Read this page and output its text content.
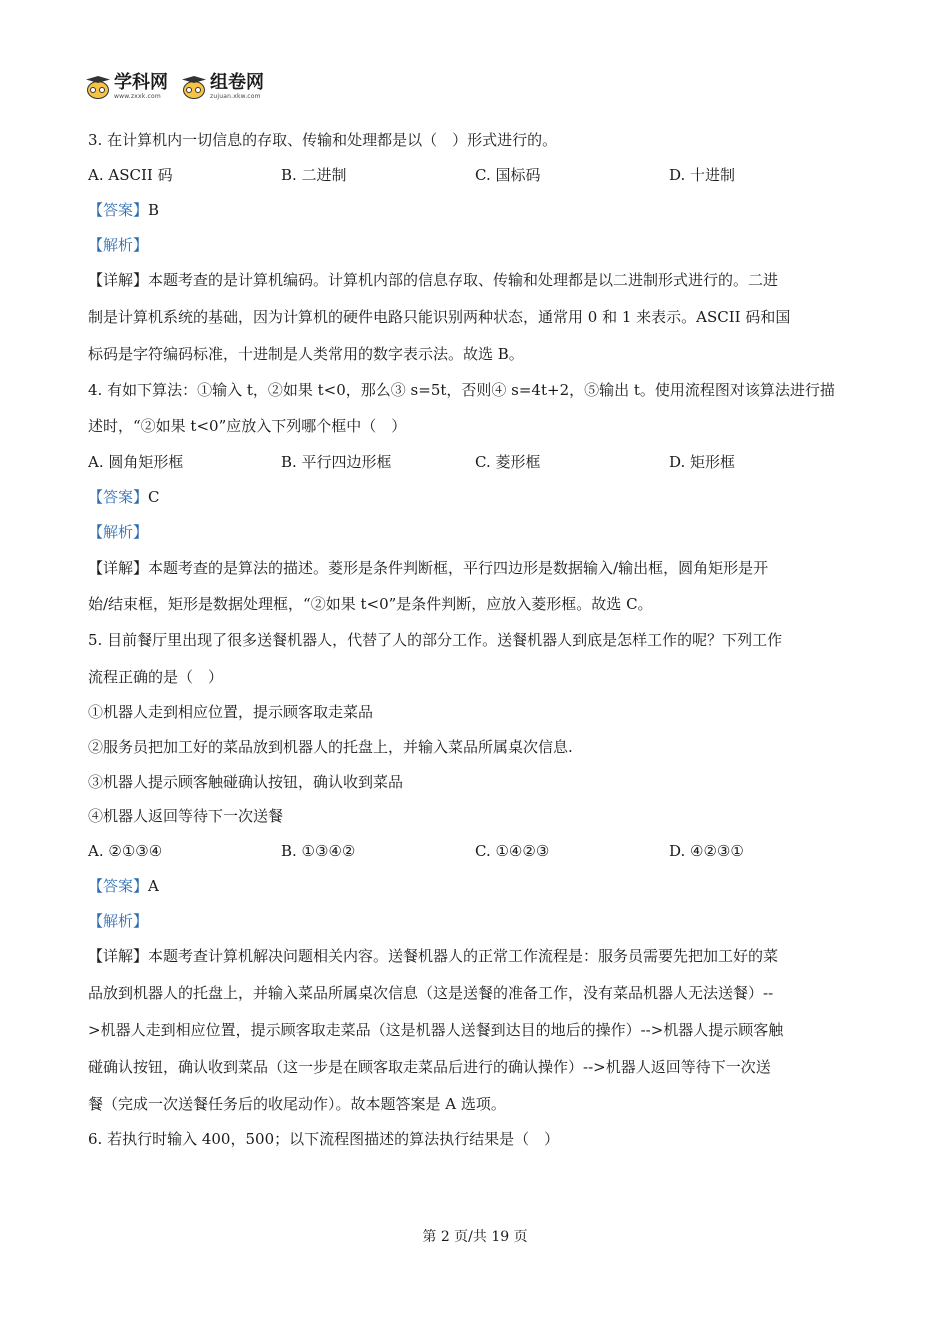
学科网
www.zxxk.com
组卷网
zujuan.xkw.com
3. 在计算机内一切信息的存取、传输和处理都是以（　）形式进行的。
A. ASCII 码	B. 二进制	C. 国标码	D. 十进制
【答案】B
【解析】
【详解】本题考查的是计算机编码。计算机内部的信息存取、传输和处理都是以二进制形式进行的。二进
制是计算机系统的基础，因为计算机的硬件电路只能识别两种状态，通常用 0 和 1 来表示。ASCII 码和国
标码是字符编码标准，十进制是人类常用的数字表示法。故选 B。
4. 有如下算法：①输入 t，②如果 t<0，那么③ s=5t，否则④ s=4t+2，⑤输出 t。使用流程图对该算法进行描
述时，“②如果 t<0”应放入下列哪个框中（　）
A. 圆角矩形框	B. 平行四边形框	C. 菱形框	D. 矩形框
【答案】C
【解析】
【详解】本题考查的是算法的描述。菱形是条件判断框，平行四边形是数据输入/输出框，圆角矩形是开
始/结束框，矩形是数据处理框，“②如果 t<0”是条件判断，应放入菱形框。故选 C。
5. 目前餐厅里出现了很多送餐机器人，代替了人的部分工作。送餐机器人到底是怎样工作的呢？下列工作
流程正确的是（　）
①机器人走到相应位置，提示顾客取走菜品
②服务员把加工好的菜品放到机器人的托盘上，并输入菜品所属桌次信息.
③机器人提示顾客触碰确认按钮，确认收到菜品
④机器人返回等待下一次送餐
A. ②①③④	B. ①③④②	C. ①④②③	D. ④②③①
【答案】A
【解析】
【详解】本题考查计算机解决问题相关内容。送餐机器人的正常工作流程是：服务员需要先把加工好的菜
品放到机器人的托盘上，并输入菜品所属桌次信息（这是送餐的准备工作，没有菜品机器人无法送餐）--
>机器人走到相应位置，提示顾客取走菜品（这是机器人送餐到达目的地后的操作）-->机器人提示顾客触
碰确认按钮，确认收到菜品（这一步是在顾客取走菜品后进行的确认操作）-->机器人返回等待下一次送
餐（完成一次送餐任务后的收尾动作）。故本题答案是 A 选项。
6. 若执行时输入 400，500；以下流程图描述的算法执行结果是（　）
第 2 页/共 19 页
